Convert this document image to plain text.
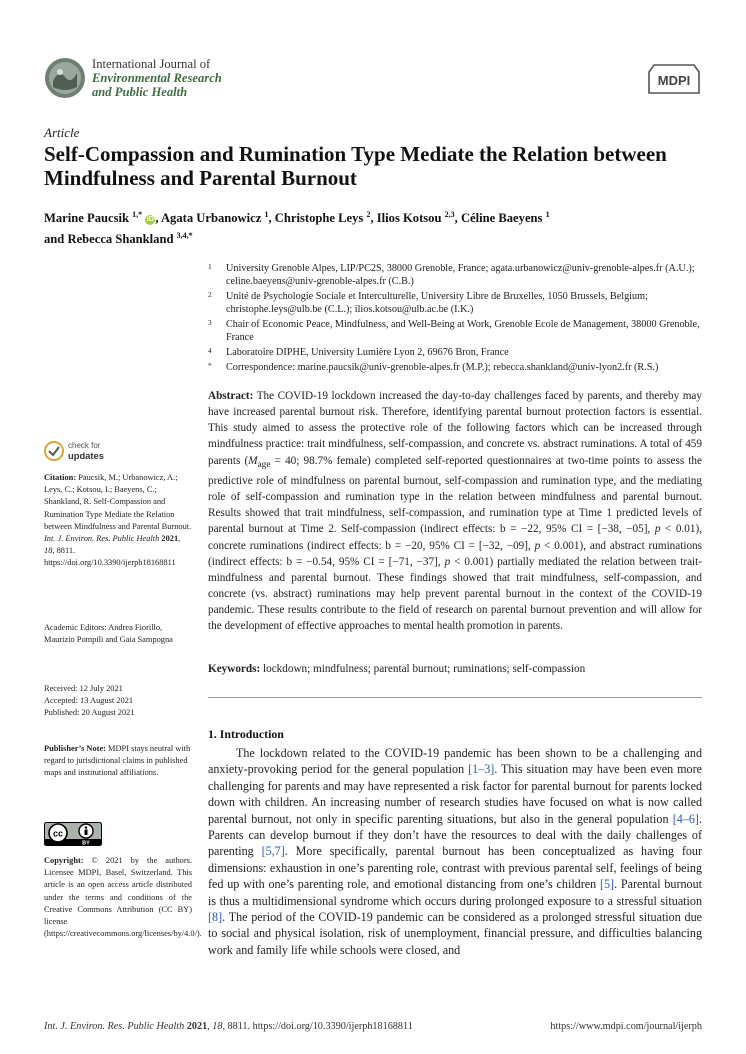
International Journal of
Environmental Research
and Public Health
MDPI
Article
Self-Compassion and Rumination Type Mediate the Relation between Mindfulness and Parental Burnout
Marine Paucsik $^{1,*}$ iD , Agata Urbanowicz $^1$, Christophe Leys $^2$, Ilios Kotsou $^{2,3}$, Céline Baeyens $^1$
and Rebecca Shankland $^{3,4,*}$
1 University Grenoble Alpes, LIP/PC2S, 38000 Grenoble, France; agata.urbanowicz@univ-grenoble-alpes.fr (A.U.); celine.baeyens@univ-grenoble-alpes.fr (C.B.)
2 Unité de Psychologie Sociale et Interculturelle, University Libre de Bruxelles, 1050 Brussels, Belgium; christophe.leys@ulb.be (C.L.); ilios.kotsou@ulb.ac.be (I.K.)
3 Chair of Economic Peace, Mindfulness, and Well-Being at Work, Grenoble Ecole de Management, 38000 Grenoble, France
4 Laboratoire DIPHE, University Lumière Lyon 2, 69676 Bron, France
* Correspondence: marine.paucsik@univ-grenoble-alpes.fr (M.P.); rebecca.shankland@univ-lyon2.fr (R.S.)

Abstract: The COVID-19 lockdown increased the day-to-day challenges faced by parents, and thereby may have increased parental burnout risk. Therefore, identifying parental burnout protection factors is essential. This study aimed to assess the protective role of the following factors which can be increased through mindfulness practice: trait mindfulness, self-compassion, and concrete vs. abstract ruminations. A total of 459 parents ($M_{age} = 40$; 98.7% female) completed self-reported questionnaires at two-time points to assess the predictive role of mindfulness on parental burnout, self-compassion and rumination type, and the mediating role of self-compassion and rumination type in the relation between mindfulness and parental burnout. Results showed that trait mindfulness, self-compassion, and rumination type at Time 1 predicted levels of parental burnout at Time 2. Self-compassion (indirect effects: b = −22, 95% CI = [−38, −05], p < 0.01), concrete ruminations (indirect effects: b = −20, 95% CI = [−32, −09], p < 0.001), and abstract ruminations (indirect effects: b = −0.54, 95% CI = [−71, −37], p < 0.001) partially mediated the relation between trait-mindfulness and parental burnout. These findings showed that trait mindfulness, self-compassion, and concrete (vs. abstract) ruminations may help prevent parental burnout in the context of the COVID-19 pandemic. These results contribute to the field of research on parental burnout prevention and will allow for the development of effective approaches to mental health promotion in parents.

Keywords: lockdown; mindfulness; parental burnout; ruminations; self-compassion
1. Introduction

The lockdown related to the COVID-19 pandemic has been shown to be a challenging and anxiety-provoking period for the general population [1–3]. This situation may have been even more challenging for parents and may have represented a risk factor for parental burnout for parents locked down with children. An increasing number of research studies have focused on what is now called parental burnout, not only in specific parenting situations, but also in the general population [4–6]. Parents can develop burnout if they don’t have the resources to deal with the daily challenges of parenting [5,7]. More specifically, parental burnout has been conceptualized as having four dimensions: exhaustion in one’s parenting role, contrast with previous parental self, feelings of being fed up with one’s parenting role, and emotional distancing from one’s children [5]. Parental burnout is thus a multidimensional syndrome which occurs during prolonged exposure to a stressful situation [8]. The period of the COVID-19 pandemic can be considered as a prolonged stressful situation due to social and physical isolation, risk of unemployment, financial pressure, and difficulties balancing work and family life while schools were closed, and

check for
updates
Citation: Paucsik, M.; Urbanowicz, A.; Leys, C.; Kotsou, I.; Baeyens, C.; Shankland, R. Self-Compassion and Rumination Type Mediate the Relation between Mindfulness and Parental Burnout. Int. J. Environ. Res. Public Health 2021, 18, 8811. https://doi.org/10.3390/ijerph18168811
Academic Editors: Andrea Fiorillo, Maurizio Pompili and Gaia Sampogna
Received: 12 July 2021
Accepted: 13 August 2021
Published: 20 August 2021
Publisher’s Note: MDPI stays neutral with regard to jurisdictional claims in published maps and institutional affiliations.
cc
BY
Copyright: © 2021 by the authors. Licensee MDPI, Basel, Switzerland. This article is an open access article distributed under the terms and conditions of the Creative Commons Attribution (CC BY) license (https://creativecommons.org/licenses/by/4.0/).
Int. J. Environ. Res. Public Health 2021, 18, 8811. https://doi.org/10.3390/ijerph18168811	https://www.mdpi.com/journal/ijerph
